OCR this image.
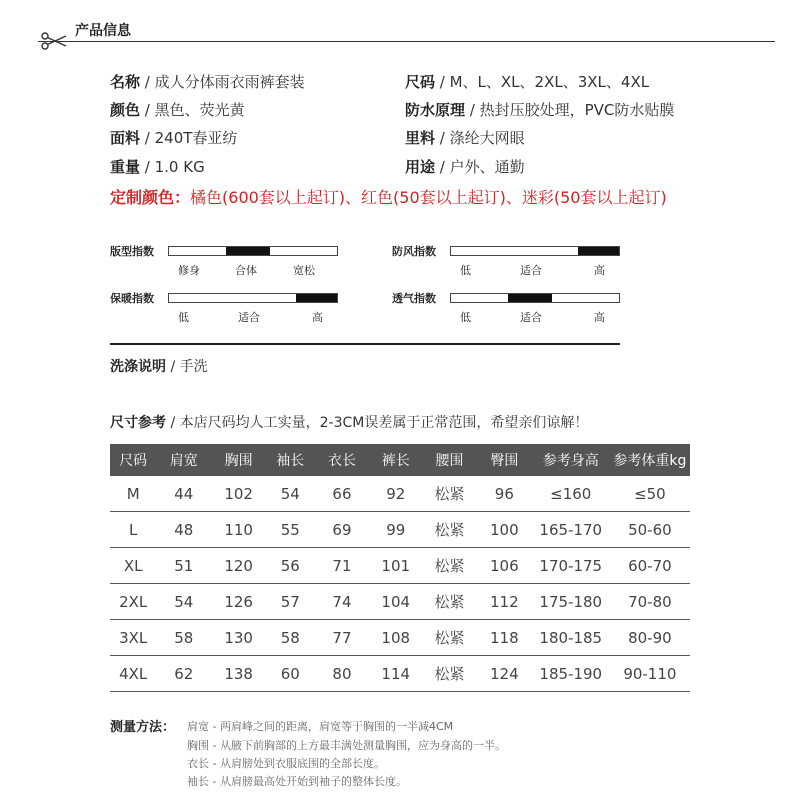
产品信息
名称 / 成人分体雨衣雨裤套装	尺码 / M、L、XL、2XL、3XL、4XL
颜色 / 黑色、荧光黄	防水原理 / 热封压胶处理，PVC防水贴膜
面料 / 240T春亚纺	里料 / 涤纶大网眼
重量 / 1.0 KG	用途 / 户外、通勤
定制颜色：橘色(600套以上起订)、红色(50套以上起订)、迷彩(50套以上起订)
版型指数
修身	合体	宽松
防风指数
低	适合	高
保暖指数
低	适合	高
透气指数
低	适合	高
洗涤说明 / 手洗
尺寸参考 / 本店尺码均人工实量，2-3CM误差属于正常范围，希望亲们谅解！
尺码	肩宽	胸围	袖长	衣长	裤长	腰围	臀围	参考身高	参考体重kg
M	44	102	54	66	92	松紧	96	≤160	≤50
L	48	110	55	69	99	松紧	100	165-170	50-60
XL	51	120	56	71	101	松紧	106	170-175	60-70
2XL	54	126	57	74	104	松紧	112	175-180	70-80
3XL	58	130	58	77	108	松紧	118	180-185	80-90
4XL	62	138	60	80	114	松紧	124	185-190	90-110
测量方法： 肩宽 - 两肩峰之间的距离，肩宽等于胸围的一半减4CM
胸围 - 从腋下前胸部的上方最丰满处测量胸围，应为身高的一半。
衣长 - 从肩膀处到衣服底围的全部长度。
袖长 - 从肩膀最高处开始到袖子的整体长度。
